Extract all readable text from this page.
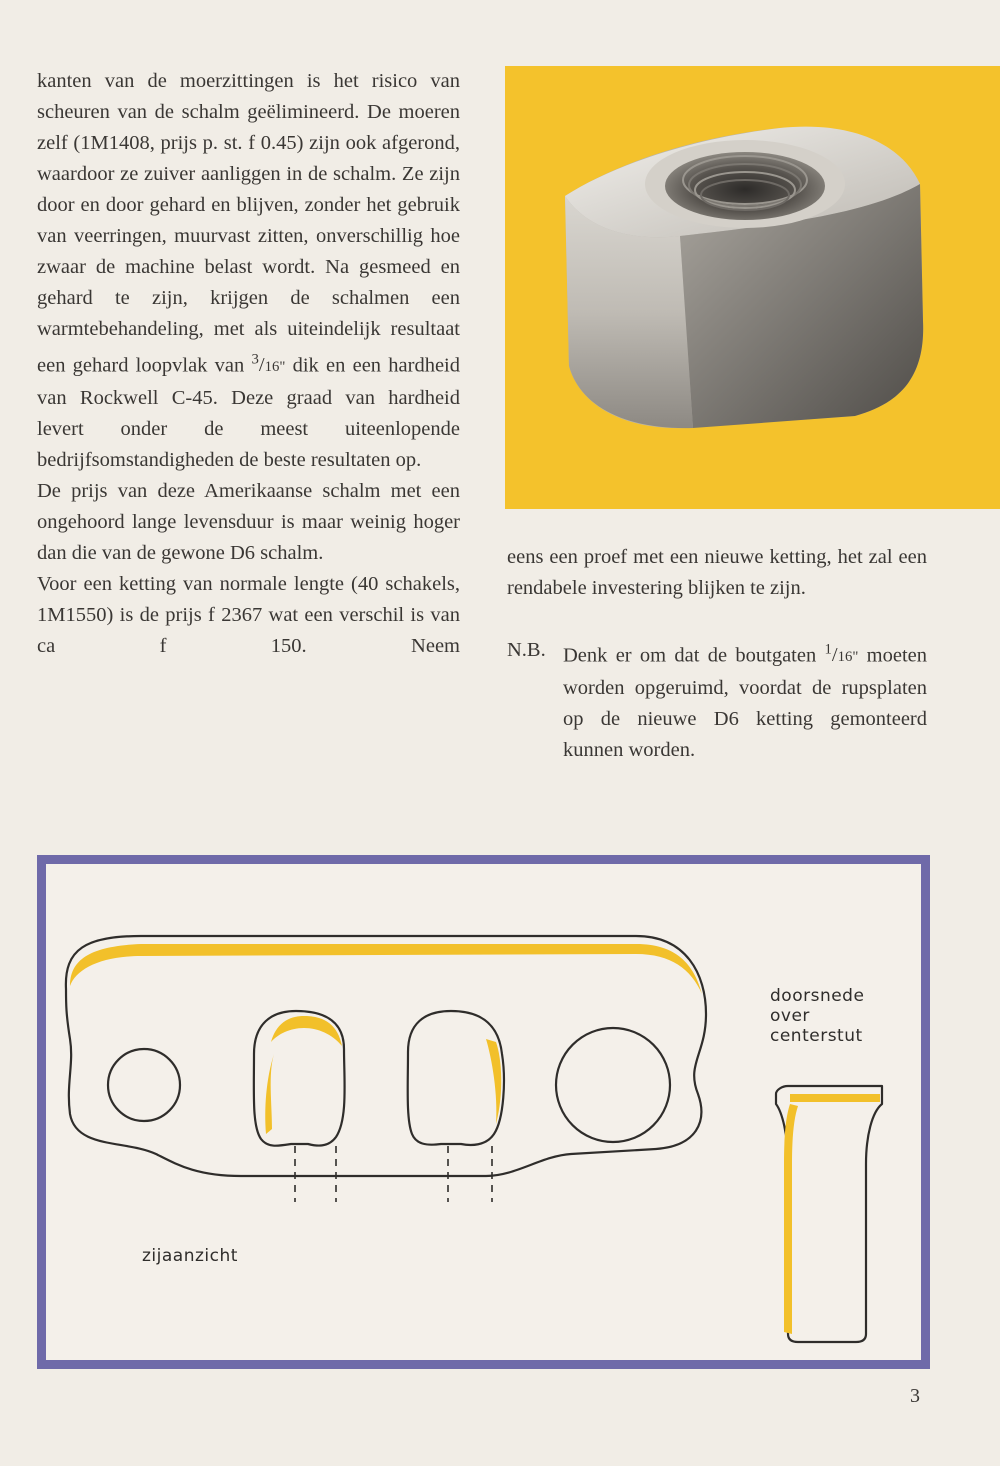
kanten van de moerzittingen is het risico van scheuren van de schalm geëlimineerd. De moeren zelf (1M1408, prijs p. st. f 0.45) zijn ook afgerond, waardoor ze zuiver aanliggen in de schalm. Ze zijn door en door gehard en blijven, zonder het gebruik van veerringen, muurvast zitten, onverschillig hoe zwaar de machine belast wordt. Na gesmeed en gehard te zijn, krijgen de schalmen een warmtebehandeling, met als uiteindelijk resultaat een gehard loopvlak van $^3$/16" dik en een hardheid van Rockwell C-45. Deze graad van hardheid levert onder de meest uiteenlopende bedrijfsomstandigheden de beste resultaten op.

De prijs van deze Amerikaanse schalm met een ongehoord lange levensduur is maar weinig hoger dan die van de gewone D6 schalm.

Voor een ketting van normale lengte (40 schakels, 1M1550) is de prijs f 2367 wat een verschil is van ca f 150. Neem

eens een proef met een nieuwe ketting, het zal een rendabele investering blijken te zijn.

N.B. Denk er om dat de boutgaten $^1$/16" moeten worden opgeruimd, voordat de rupsplaten op de nieuwe D6 ketting gemonteerd kunnen worden.

zijaanzicht
doorsnede
over
centerstut
3
